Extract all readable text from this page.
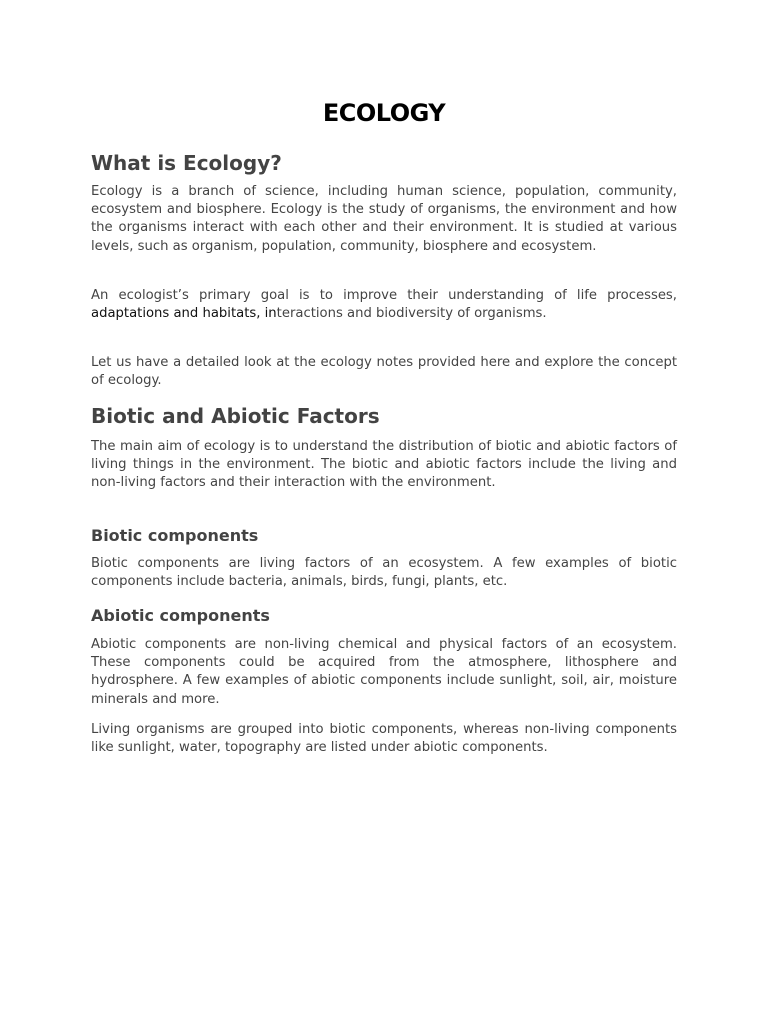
ECOLOGY
What is Ecology?

Ecology is a branch of science, including human science, population, community, ecosystem and biosphere. Ecology is the study of organisms, the environment and how the organisms interact with each other and their environment. It is studied at various levels, such as organism, population, community, biosphere and ecosystem.

An ecologist’s primary goal is to improve their understanding of life processes, adaptations and habitats, interactions and biodiversity of organisms.

Let us have a detailed look at the ecology notes provided here and explore the concept of ecology.

Biotic and Abiotic Factors

The main aim of ecology is to understand the distribution of biotic and abiotic factors of living things in the environment. The biotic and abiotic factors include the living and non-living factors and their interaction with the environment.

Biotic components

Biotic components are living factors of an ecosystem. A few examples of biotic components include bacteria, animals, birds, fungi, plants, etc.

Abiotic components

Abiotic components are non-living chemical and physical factors of an ecosystem. These components could be acquired from the atmosphere, lithosphere and hydrosphere. A few examples of abiotic components include sunlight, soil, air, moisture minerals and more.

Living organisms are grouped into biotic components, whereas non-living components like sunlight, water, topography are listed under abiotic components.
